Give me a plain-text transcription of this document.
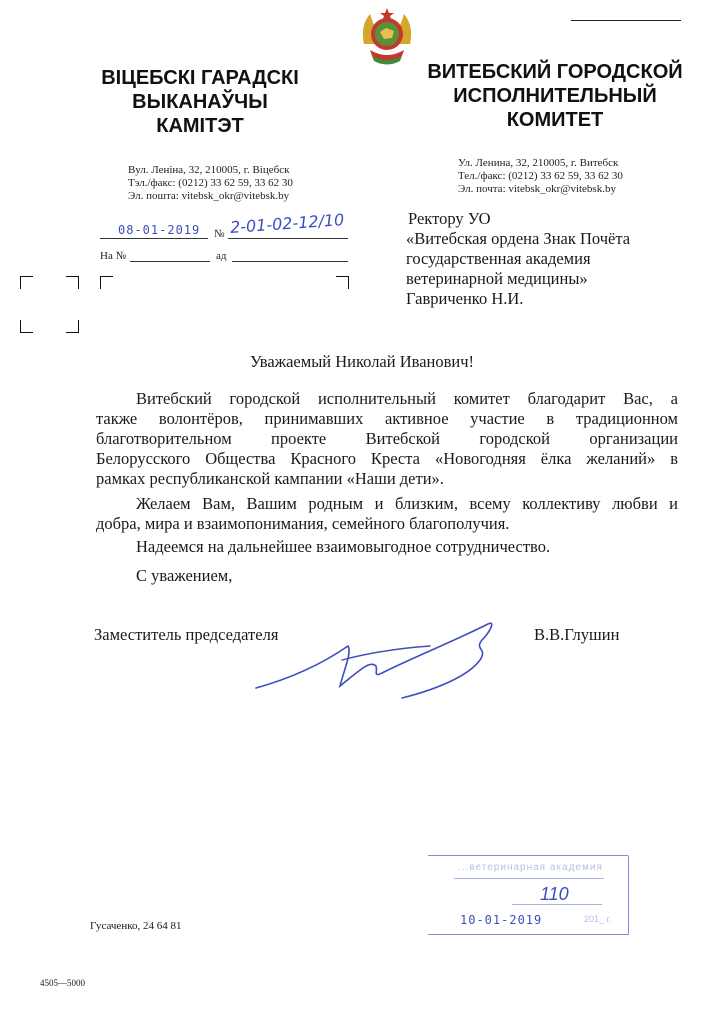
ВІЦЕБСКІ ГАРАДСКІ
ВЫКАНАЎЧЫ
КАМІТЭТ
ВИТЕБСКИЙ ГОРОДСКОЙ
ИСПОЛНИТЕЛЬНЫЙ
КОМИТЕТ
Вул. Леніна, 32, 210005, г. Віцебск
Тэл./факс: (0212) 33 62 59, 33 62 30
Эл. пошта: vitebsk_okr@vitebsk.by
Ул. Ленина, 32, 210005, г. Витебск
Тел./факс: (0212) 33 62 59, 33 62 30
Эл. почта: vitebsk_okr@vitebsk.by
08-01-2019 № 2-01-02-12/10
На №	ад
Ректору УО
«Витебская ордена Знак Почёта
государственная академия
ветеринарной медицины»
Гавриченко Н.И.
Уважаемый Николай Иванович!
Витебский городской исполнительный комитет благодарит Вас, а
также волонтёров, принимавших активное участие в традиционном
благотворительном проекте Витебской городской организации
Белорусского Общества Красного Креста «Новогодняя ёлка желаний» в
рамках республиканской кампании «Наши дети».
Желаем Вам, Вашим родным и близким, всему коллективу любви и
добра, мира и взаимопонимания, семейного благополучия.
Надеемся на дальнейшее взаимовыгодное сотрудничество.
С уважением,
Заместитель председателя	В.В.Глушин
...ветеринарная академия
110
10-01-2019	201_ г.
Гусаченко, 24 64 81
4505—5000
